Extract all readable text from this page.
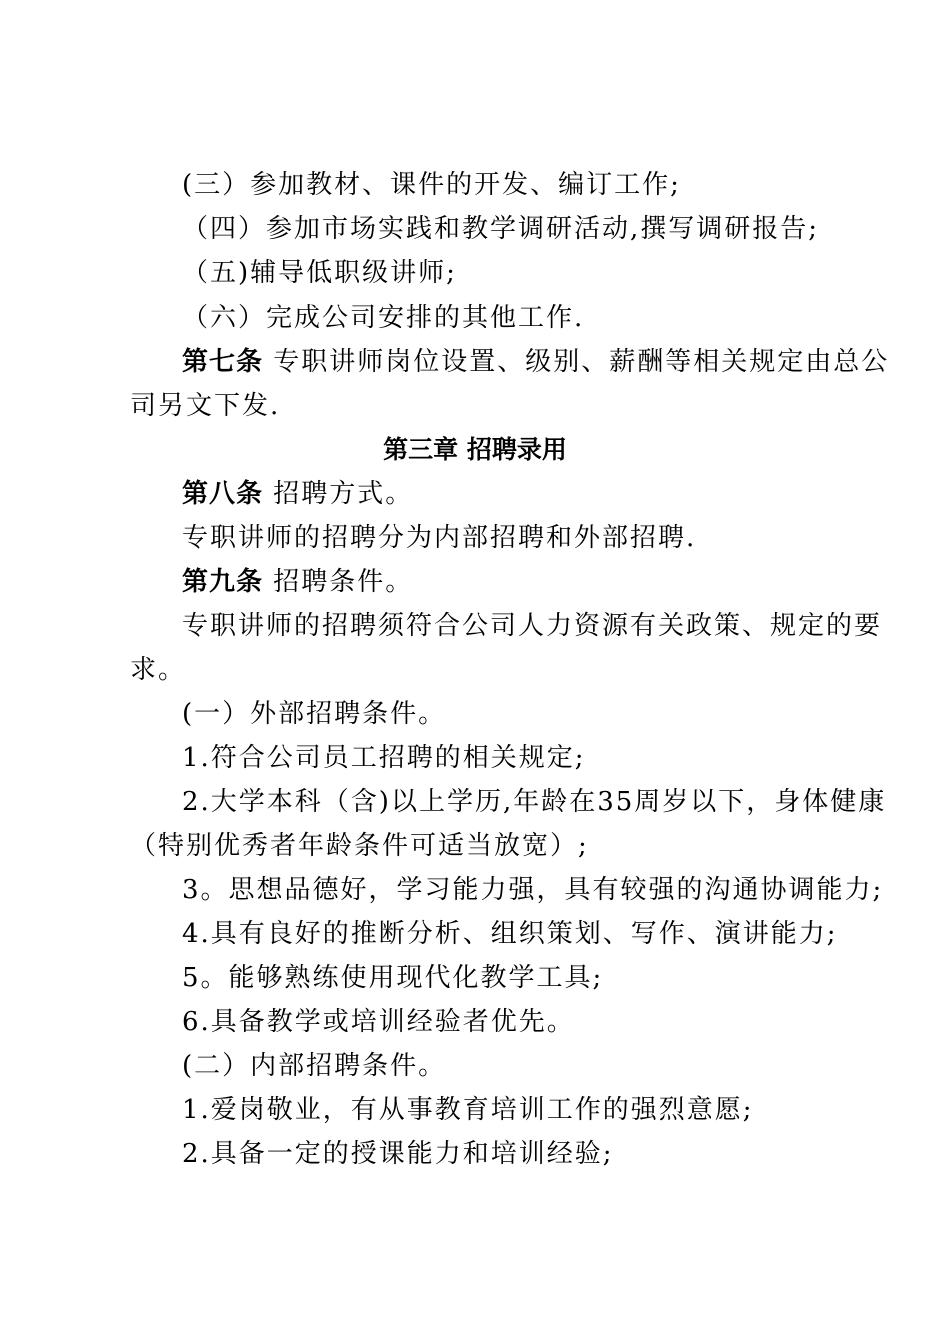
(三）参加教材、课件的开发、编订工作;
（四）参加市场实践和教学调研活动,撰写调研报告;
（五)辅导低职级讲师;
（六）完成公司安排的其他工作.
第七条 专职讲师岗位设置、级别、薪酬等相关规定由总公
司另文下发.
第三章 招聘录用
第八条 招聘方式。
专职讲师的招聘分为内部招聘和外部招聘.
第九条 招聘条件。
专职讲师的招聘须符合公司人力资源有关政策、规定的要
求。
(一）外部招聘条件。
1.符合公司员工招聘的相关规定;
2.大学本科（含)以上学历,年龄在35周岁以下，身体健康
（特别优秀者年龄条件可适当放宽）;
3。思想品德好，学习能力强，具有较强的沟通协调能力;
4.具有良好的推断分析、组织策划、写作、演讲能力;
5。能够熟练使用现代化教学工具;
6.具备教学或培训经验者优先。
(二）内部招聘条件。
1.爱岗敬业，有从事教育培训工作的强烈意愿;
2.具备一定的授课能力和培训经验;
